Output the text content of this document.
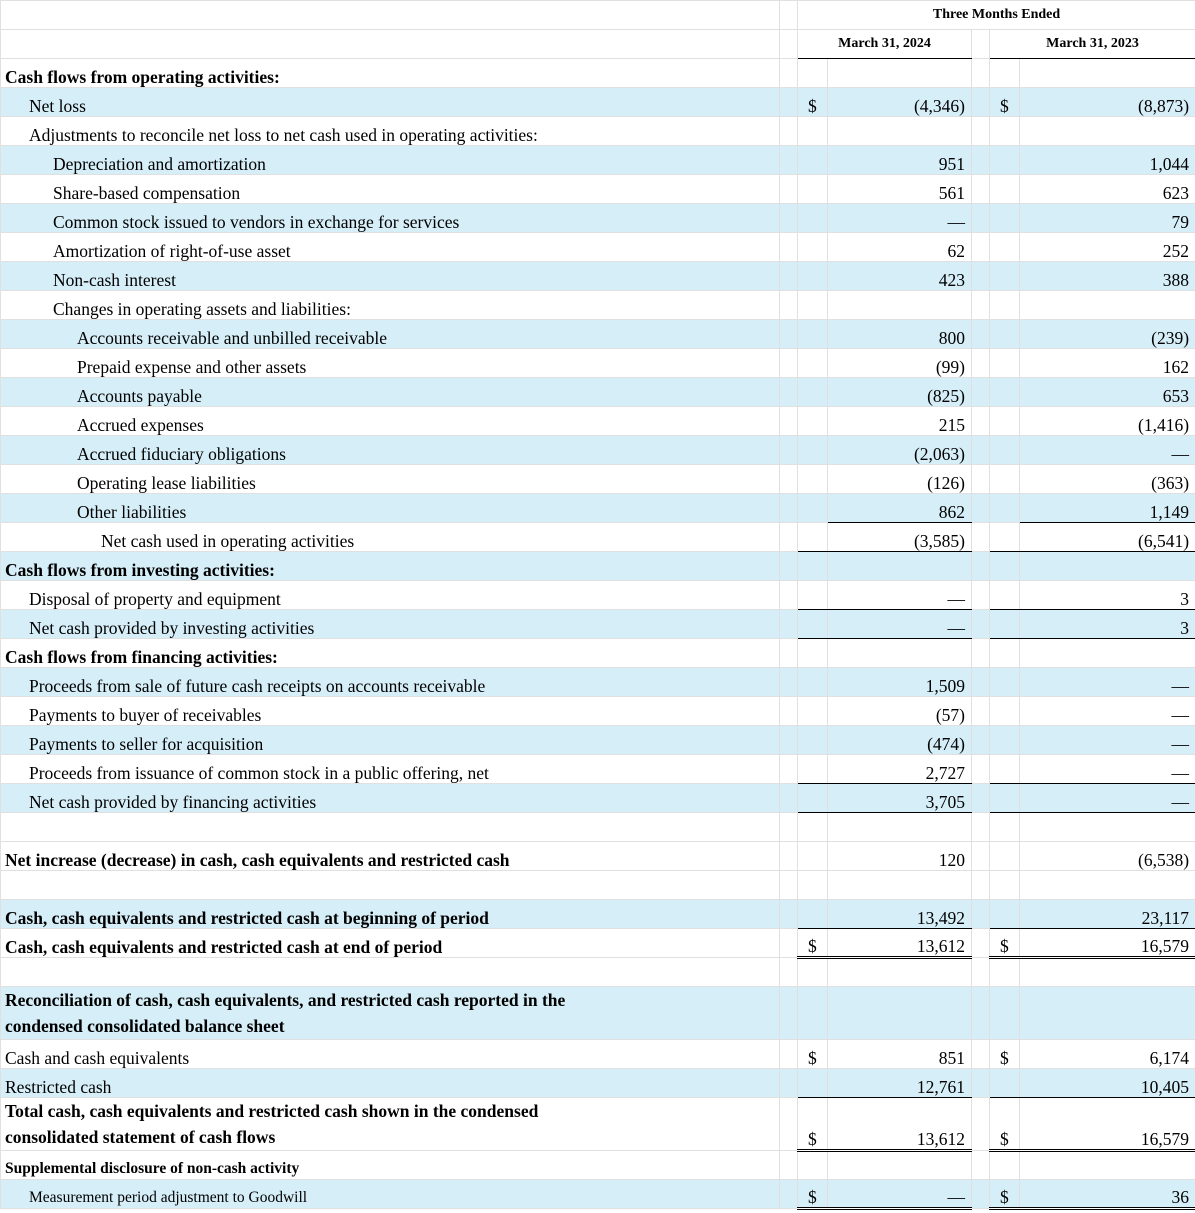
		Three Months Ended				
		March 31, 2024			March 31, 2023	
Cash flows from operating activities:						
Net loss		$	(4,346)		$	(8,873)
Adjustments to reconcile net loss to net cash used in operating activities:						
Depreciation and amortization			951			1,044
Share-based compensation			561			623
Common stock issued to vendors in exchange for services			—			79
Amortization of right-of-use asset			62			252
Non-cash interest			423			388
Changes in operating assets and liabilities:						
Accounts receivable and unbilled receivable			800			(239)
Prepaid expense and other assets			(99)			162
Accounts payable			(825)			653
Accrued expenses			215			(1,416)
Accrued fiduciary obligations			(2,063)			—
Operating lease liabilities			(126)			(363)
Other liabilities			862			1,149
Net cash used in operating activities			(3,585)			(6,541)
Cash flows from investing activities:						
Disposal of property and equipment			—			3
Net cash provided by investing activities			—			3
Cash flows from financing activities:						
Proceeds from sale of future cash receipts on accounts receivable			1,509			—
Payments to buyer of receivables			(57)			—
Payments to seller for acquisition			(474)			—
Proceeds from issuance of common stock in a public offering, net			2,727			—
Net cash provided by financing activities			3,705			—

Net increase (decrease) in cash, cash equivalents and restricted cash			120			(6,538)

Cash, cash equivalents and restricted cash at beginning of period			13,492			23,117
Cash, cash equivalents and restricted cash at end of period		$	13,612		$	16,579

Reconciliation of cash, cash equivalents, and restricted cash reported in the condensed consolidated balance sheet						
Cash and cash equivalents		$	851		$	6,174
Restricted cash			12,761			10,405
Total cash, cash equivalents and restricted cash shown in the condensed consolidated statement of cash flows		$	13,612		$	16,579
Supplemental disclosure of non-cash activity						
Measurement period adjustment to Goodwill		$	—		$	36
